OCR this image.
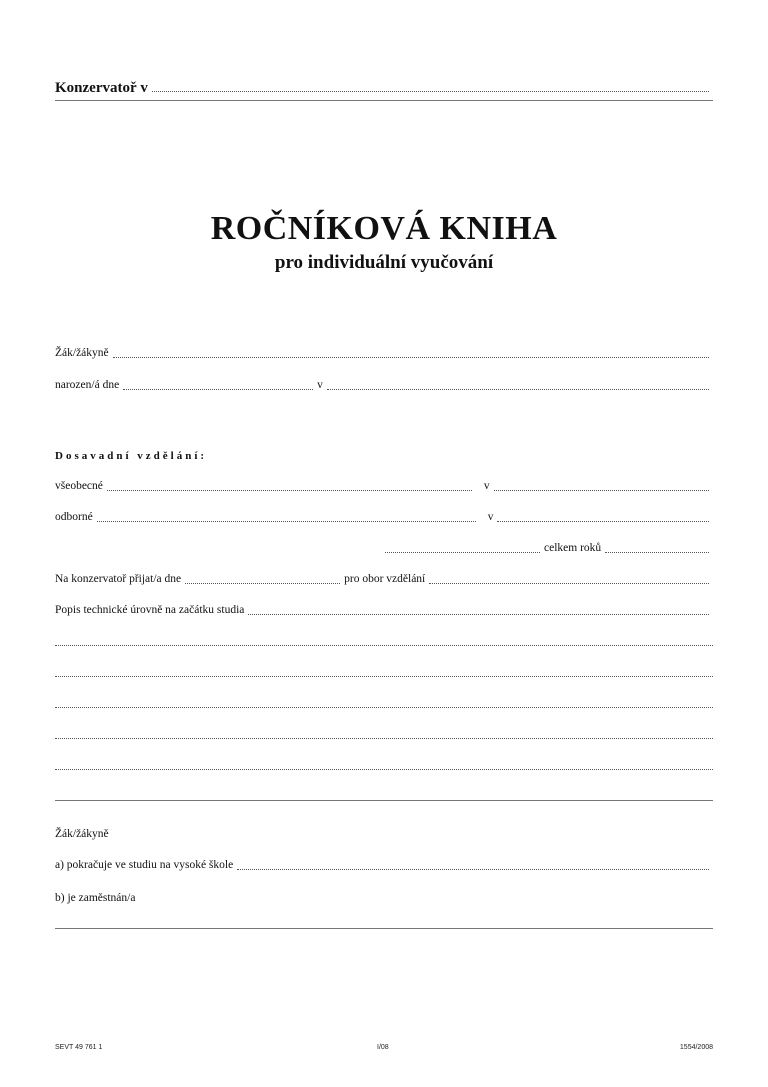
Konzervatoř v
ROČNÍKOVÁ KNIHA
pro individuální vyučování
Žák/žákyně
narozen/á dne	v
Dosavadní vzdělání:
všeobecné	v
odborné	v
celkem roků
Na konzervatoř přijat/a dne	pro obor vzdělání
Popis technické úrovně na začátku studia
Žák/žákyně
a) pokračuje ve studiu na vysoké škole
b) je zaměstnán/a
SEVT 49 761 1	I/08	1554/2008
